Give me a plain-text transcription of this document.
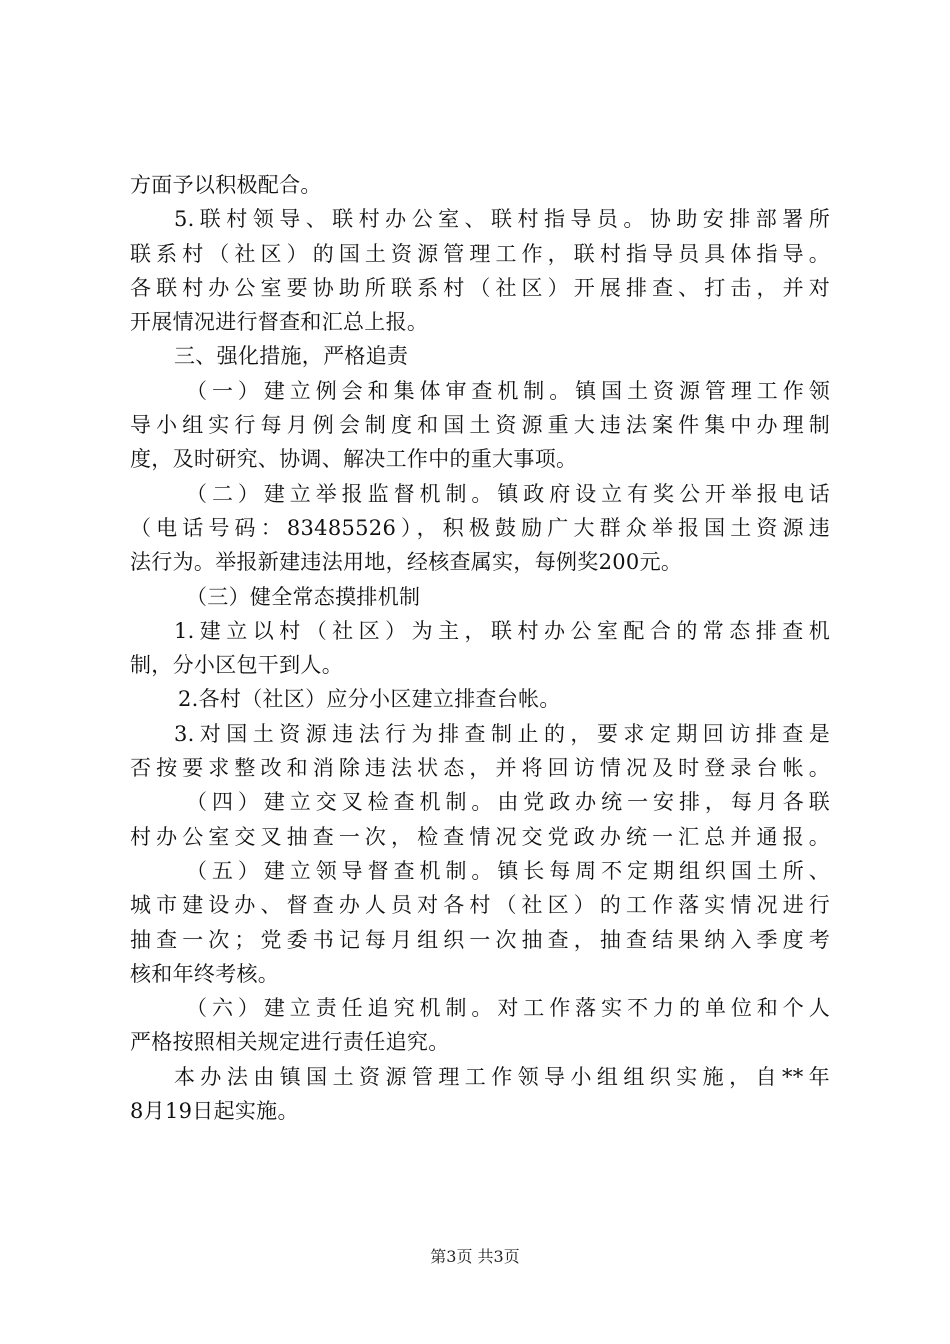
方面予以积极配合。
5.联村领导、联村办公室、联村指导员。协助安排部署所
联系村（社区）的国土资源管理工作，联村指导员具体指导。
各联村办公室要协助所联系村（社区）开展排查、打击，并对
开展情况进行督查和汇总上报。
三、强化措施，严格追责
（一）建立例会和集体审查机制。镇国土资源管理工作领
导小组实行每月例会制度和国土资源重大违法案件集中办理制
度，及时研究、协调、解决工作中的重大事项。
（二）建立举报监督机制。镇政府设立有奖公开举报电话
（电话号码：83485526），积极鼓励广大群众举报国土资源违
法行为。举报新建违法用地，经核查属实，每例奖200元。
（三）健全常态摸排机制
1.建立以村（社区）为主，联村办公室配合的常态排查机
制，分小区包干到人。
2.各村（社区）应分小区建立排查台帐。
3.对国土资源违法行为排查制止的，要求定期回访排查是
否按要求整改和消除违法状态，并将回访情况及时登录台帐。
（四）建立交叉检查机制。由党政办统一安排，每月各联
村办公室交叉抽查一次，检查情况交党政办统一汇总并通报。
（五）建立领导督查机制。镇长每周不定期组织国土所、
城市建设办、督查办人员对各村（社区）的工作落实情况进行
抽查一次；党委书记每月组织一次抽查，抽查结果纳入季度考
核和年终考核。
（六）建立责任追究机制。对工作落实不力的单位和个人
严格按照相关规定进行责任追究。
本办法由镇国土资源管理工作领导小组组织实施，自**年
8月19日起实施。
第3页 共3页
